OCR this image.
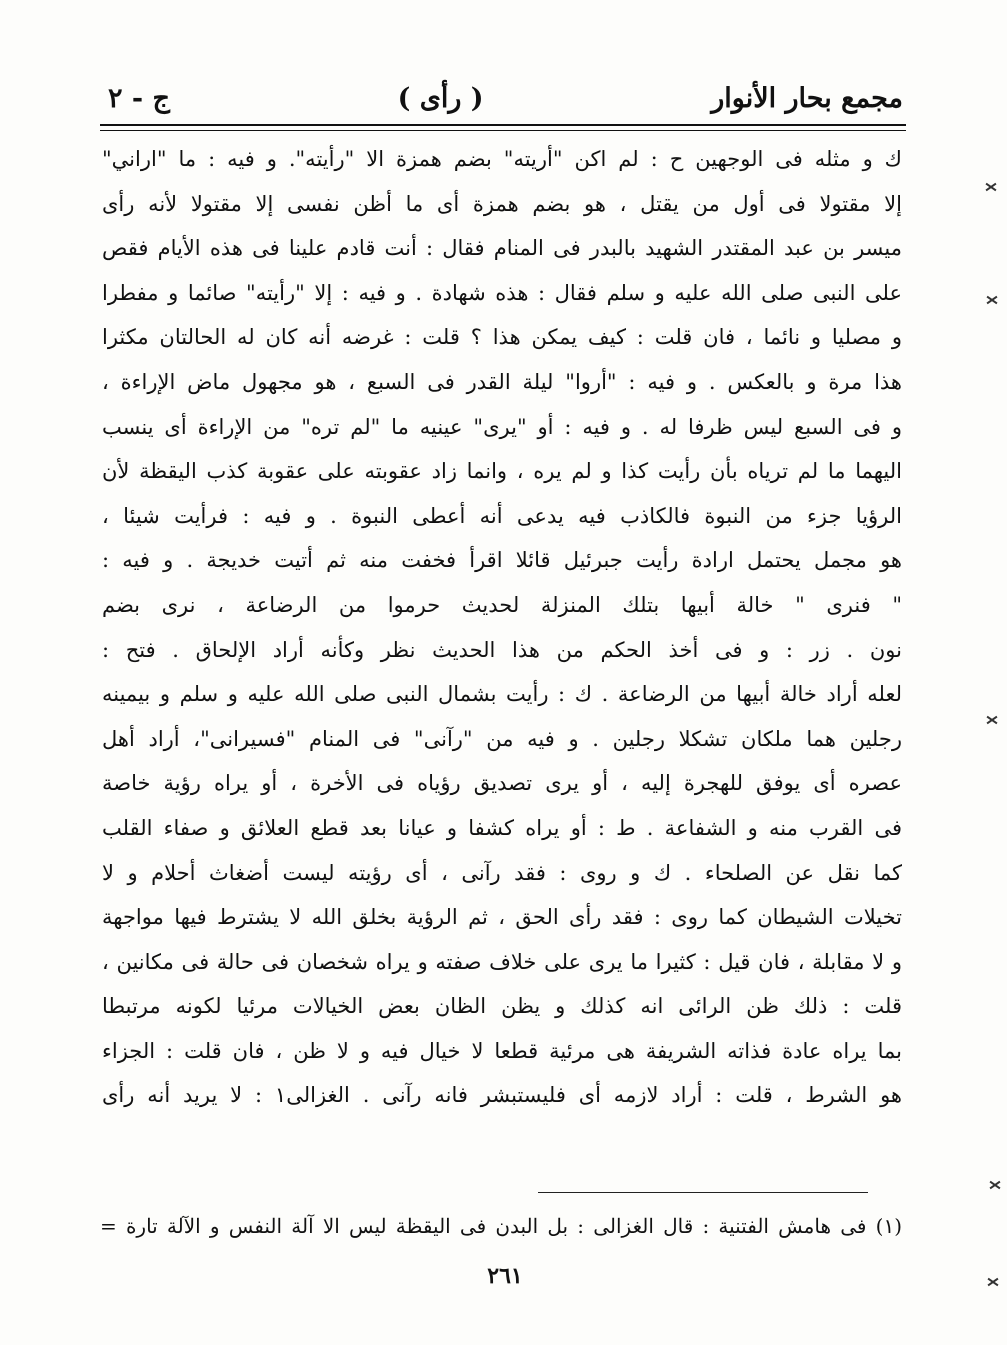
مجمع بحار الأنوار
( رأى )
ج - ٢
ك و مثله فى الوجهين ح : لم اكن "أريته" بضم همزة الا "رأيته". و فيه : ما "اراني"
إلا مقتولا فى أول من يقتل ، هو بضم همزة أى ما أظن نفسى إلا مقتولا لأنه رأى
ميسر بن عبد المقتدر الشهيد بالبدر فى المنام فقال : أنت قادم علينا فى هذه الأيام فقص
على النبى صلى الله عليه و سلم فقال : هذه شهادة . و فيه : إلا "رأيته" صائما و مفطرا
و مصليا و نائما ، فان قلت : كيف يمكن هذا ؟ قلت : غرضه أنه كان له الحالتان مكثرا
هذا مرة و بالعكس . و فيه : "أروا" ليلة القدر فى السبع ، هو مجهول ماض الإراءة ،
و فى السبع ليس ظرفا له . و فيه : أو "يرى" عينيه ما "لم تره" من الإراءة أى ينسب
اليهما ما لم ترياه بأن رأيت كذا و لم يره ، وانما زاد عقوبته على عقوبة كذب اليقظة لأن
الرؤيا جزء من النبوة فالكاذب فيه يدعى أنه أعطى النبوة . و فيه : فرأيت شيئا ،
هو مجمل يحتمل ارادة رأيت جبرئيل قائلا اقرأ فخفت منه ثم أتيت خديجة . و فيه :
" فنرى " خالة أبيها بتلك المنزلة لحديث حرموا من الرضاعة ، نرى بضم
نون . زر : و فى أخذ الحكم من هذا الحديث نظر وكأنه أراد الإلحاق . فتح :
لعله أراد خالة أبيها من الرضاعة . ك : رأيت بشمال النبى صلى الله عليه و سلم و بيمينه
رجلين هما ملكان تشكلا رجلين . و فيه من "رآنى" فى المنام "فسيرانى"، أراد أهل
عصره أى يوفق للهجرة إليه ، أو يرى تصديق رؤياه فى الأخرة ، أو يراه رؤية خاصة
فى القرب منه و الشفاعة . ط : أو يراه كشفا و عيانا بعد قطع العلائق و صفاء القلب
كما نقل عن الصلحاء . ك و روى : فقد رآنى ، أى رؤيته ليست أضغاث أحلام و لا
تخيلات الشيطان كما روى : فقد رأى الحق ، ثم الرؤية بخلق الله لا يشترط فيها مواجهة
و لا مقابلة ، فان قيل : كثيرا ما يرى على خلاف صفته و يراه شخصان فى حالة فى مكانين ،
قلت : ذلك ظن الرائى انه كذلك و يظن الظان بعض الخيالات مرئيا لكونه مرتبطا
بما يراه عادة فذاته الشريفة هى مرئية قطعا لا خيال فيه و لا ظن ، فان قلت : الجزاء
هو الشرط ، قلت : أراد لازمه أى فليستبشر فانه رآنى . الغزالى١ : لا يريد أنه رأى
(١) فى هامش الفتنية : قال الغزالى : بل البدن فى اليقظة ليس الا آلة النفس و الآلة تارة =
٢٦١
